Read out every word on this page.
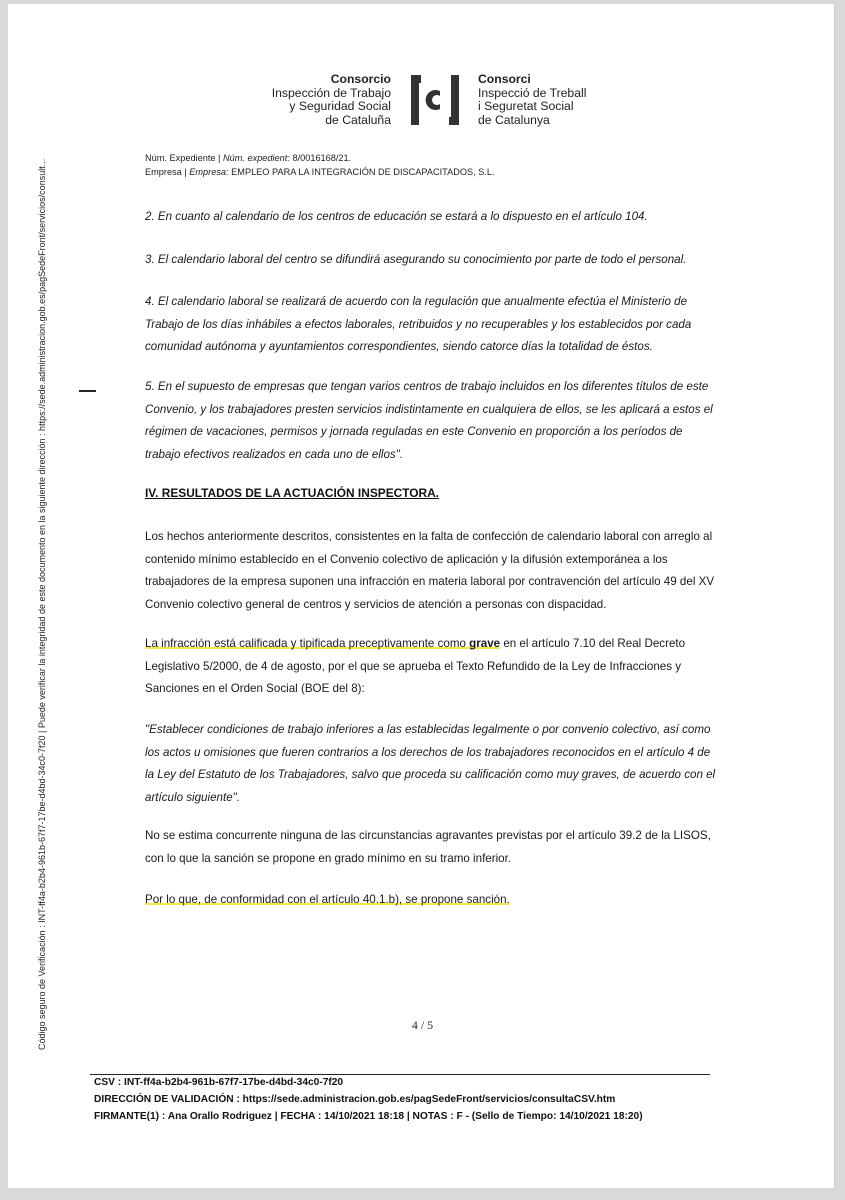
Código seguro de Verificación : INT-ff4a-b2b4-961b-67f7-17be-d4bd-34c0-7f20 | Puede verificar la integridad de este documento en la siguiente dirección : https://sede.administracion.gob.es/pagSedeFront/servicios/consult...
Consorcio
Inspección de Trabajo
y Seguridad Social
de Cataluña
Consorci
Inspecció de Treball
i Seguretat Social
de Catalunya
Núm. Expediente | Núm. expedient: 8/0016168/21.
Empresa | Empresa: EMPLEO PARA LA INTEGRACIÓN DE DISCAPACITADOS, S.L.
2. En cuanto al calendario de los centros de educación se estará a lo dispuesto en el artículo 104.
3. El calendario laboral del centro se difundirá asegurando su conocimiento por parte de todo el personal.
4. El calendario laboral se realizará de acuerdo con la regulación que anualmente efectúa el Ministerio de Trabajo de los días inhábiles a efectos laborales, retribuidos y no recuperables y los establecidos por cada comunidad autónoma y ayuntamientos correspondientes, siendo catorce días la totalidad de éstos.
5. En el supuesto de empresas que tengan varios centros de trabajo incluidos en los diferentes títulos de este Convenio, y los trabajadores presten servicios indistintamente en cualquiera de ellos, se les aplicará a estos el régimen de vacaciones, permisos y jornada reguladas en este Convenio en proporción a los períodos de trabajo efectivos realizados en cada uno de ellos".
IV. RESULTADOS DE LA ACTUACIÓN INSPECTORA.
Los hechos anteriormente descritos, consistentes en la falta de confección de calendario laboral con arreglo al contenido mínimo establecido en el Convenio colectivo de aplicación y la difusión extemporánea a los trabajadores de la empresa suponen una infracción en materia laboral por contravención del artículo 49 del XV Convenio colectivo general de centros y servicios de atención a personas con dispacidad.
La infracción está calificada y tipificada preceptivamente como grave en el artículo 7.10 del Real Decreto Legislativo 5/2000, de 4 de agosto, por el que se aprueba el Texto Refundido de la Ley de Infracciones y Sanciones en el Orden Social (BOE del 8):
"Establecer condiciones de trabajo inferiores a las establecidas legalmente o por convenio colectivo, así como los actos u omisiones que fueren contrarios a los derechos de los trabajadores reconocidos en el artículo 4 de la Ley del Estatuto de los Trabajadores, salvo que proceda su calificación como muy graves, de acuerdo con el artículo siguiente".
No se estima concurrente ninguna de las circunstancias agravantes previstas por el artículo 39.2 de la LISOS, con lo que la sanción se propone en grado mínimo en su tramo inferior.
Por lo que, de conformidad con el artículo 40.1.b), se propone sanción.
4 / 5
CSV : INT-ff4a-b2b4-961b-67f7-17be-d4bd-34c0-7f20
DIRECCIÓN DE VALIDACIÓN : https://sede.administracion.gob.es/pagSedeFront/servicios/consultaCSV.htm
FIRMANTE(1) : Ana Orallo Rodriguez | FECHA : 14/10/2021 18:18 | NOTAS : F - (Sello de Tiempo: 14/10/2021 18:20)
